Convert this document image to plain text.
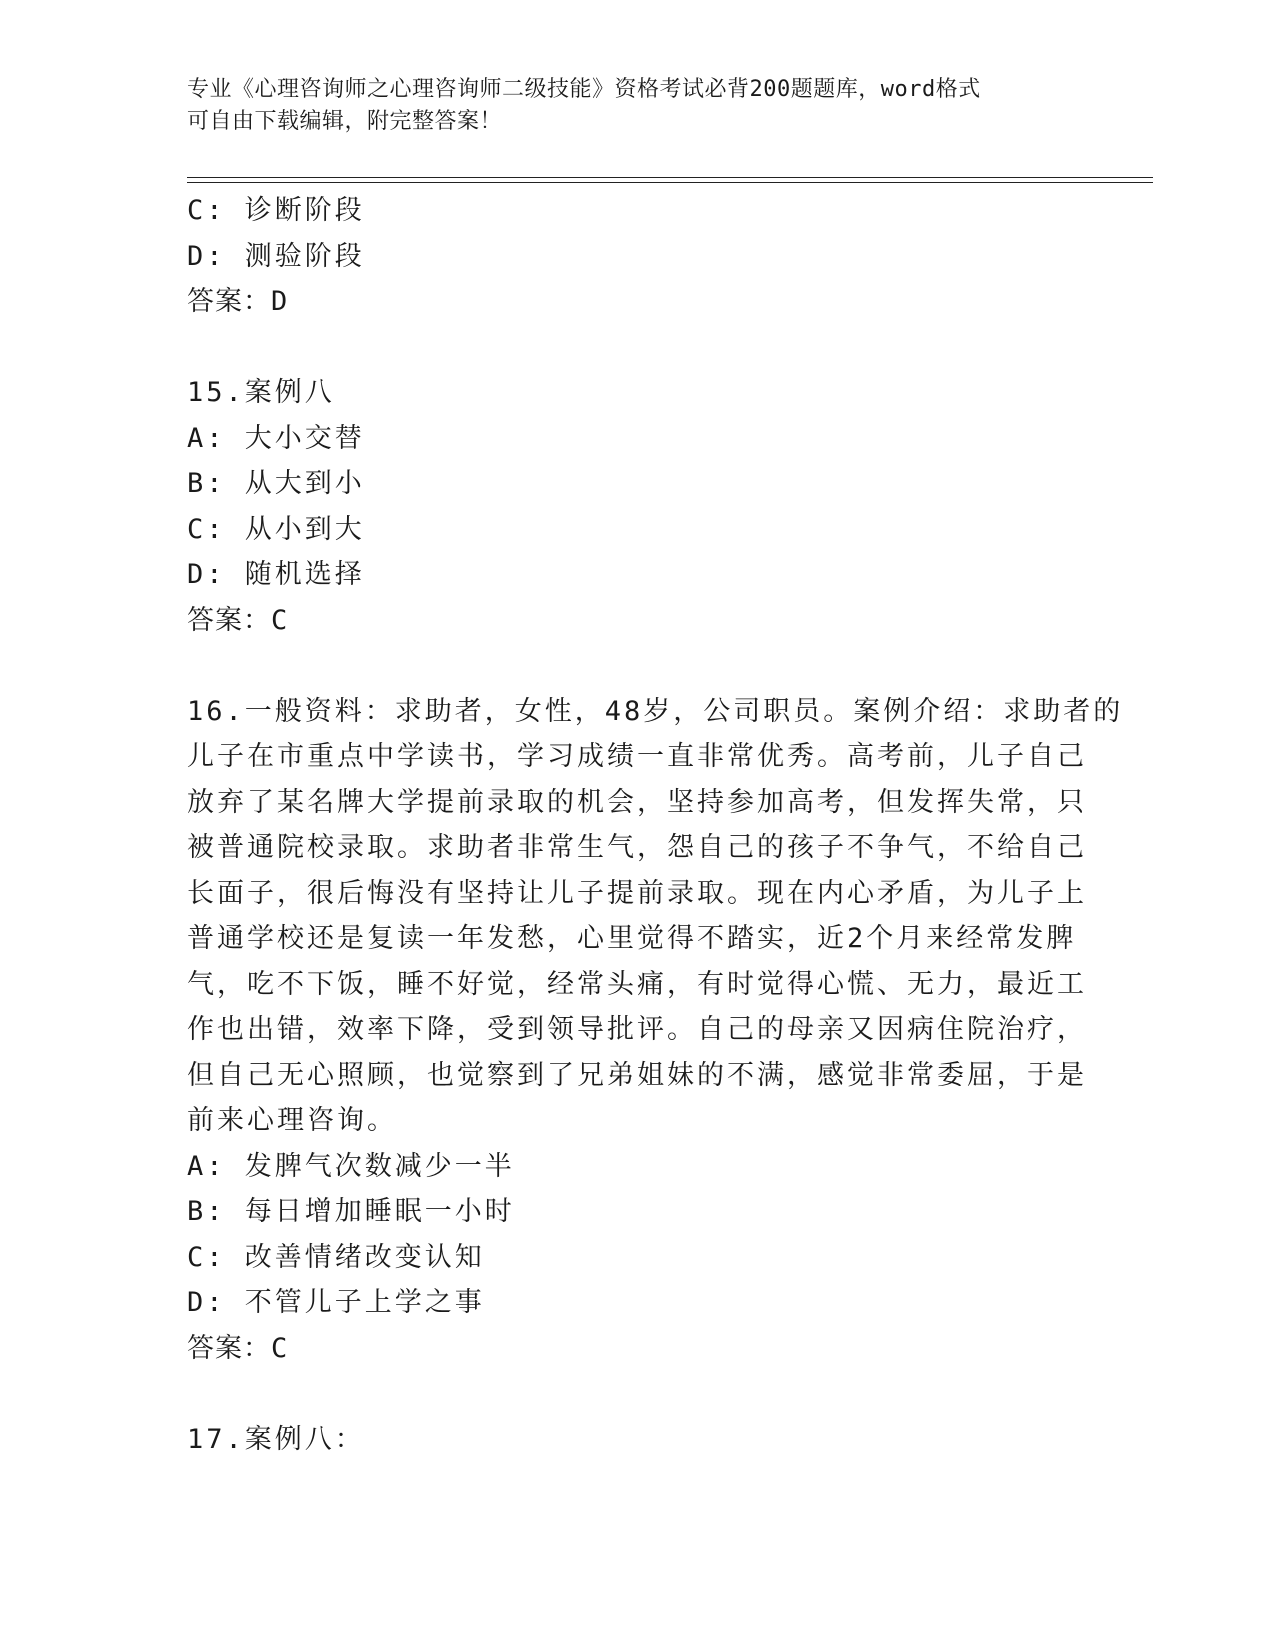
专业《心理咨询师之心理咨询师二级技能》资格考试必背200题题库，word格式
可自由下载编辑，附完整答案！
C: 诊断阶段
D: 测验阶段
答案：D
15.案例八
A: 大小交替
B: 从大到小
C: 从小到大
D: 随机选择
答案：C
16.一般资料：求助者，女性，48岁，公司职员。案例介绍：求助者的
儿子在市重点中学读书，学习成绩一直非常优秀。高考前，儿子自己
放弃了某名牌大学提前录取的机会，坚持参加高考，但发挥失常，只
被普通院校录取。求助者非常生气，怨自己的孩子不争气，不给自己
长面子，很后悔没有坚持让儿子提前录取。现在内心矛盾，为儿子上
普通学校还是复读一年发愁，心里觉得不踏实，近2个月来经常发脾
气，吃不下饭，睡不好觉，经常头痛，有时觉得心慌、无力，最近工
作也出错，效率下降，受到领导批评。自己的母亲又因病住院治疗，
但自己无心照顾，也觉察到了兄弟姐妹的不满，感觉非常委屈，于是
前来心理咨询。
A: 发脾气次数减少一半
B: 每日增加睡眠一小时
C: 改善情绪改变认知
D: 不管儿子上学之事
答案：C
17.案例八：
